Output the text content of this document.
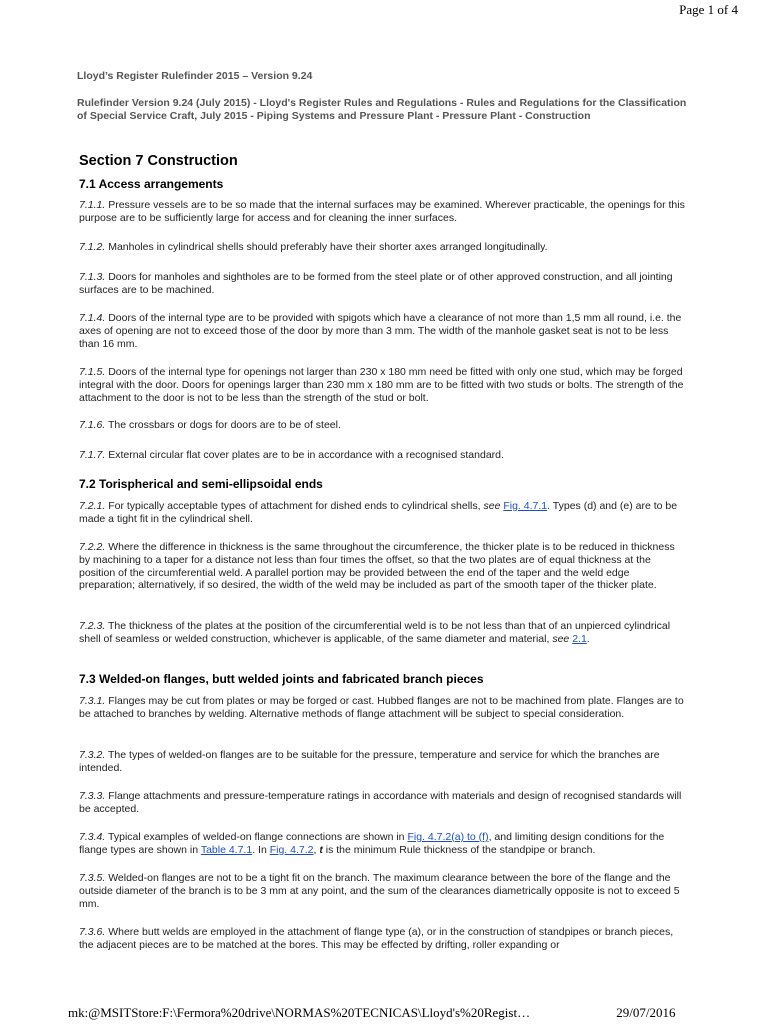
Page 1 of 4
Lloyd’s Register Rulefinder 2015 – Version 9.24
Rulefinder Version 9.24 (July 2015) - Lloyd's Register Rules and Regulations - Rules and Regulations for the Classification of Special Service Craft, July 2015 - Piping Systems and Pressure Plant - Pressure Plant - Construction
Section 7 Construction
7.1 Access arrangements
7.1.1. Pressure vessels are to be so made that the internal surfaces may be examined. Wherever practicable, the openings for this purpose are to be sufficiently large for access and for cleaning the inner surfaces.
7.1.2. Manholes in cylindrical shells should preferably have their shorter axes arranged longitudinally.
7.1.3. Doors for manholes and sightholes are to be formed from the steel plate or of other approved construction, and all jointing surfaces are to be machined.
7.1.4. Doors of the internal type are to be provided with spigots which have a clearance of not more than 1,5 mm all round, i.e. the axes of opening are not to exceed those of the door by more than 3 mm. The width of the manhole gasket seat is not to be less than 16 mm.
7.1.5. Doors of the internal type for openings not larger than 230 x 180 mm need be fitted with only one stud, which may be forged integral with the door. Doors for openings larger than 230 mm x 180 mm are to be fitted with two studs or bolts. The strength of the attachment to the door is not to be less than the strength of the stud or bolt.
7.1.6. The crossbars or dogs for doors are to be of steel.
7.1.7. External circular flat cover plates are to be in accordance with a recognised standard.
7.2 Torispherical and semi-ellipsoidal ends
7.2.1. For typically acceptable types of attachment for dished ends to cylindrical shells, see Fig. 4.7.1. Types (d) and (e) are to be made a tight fit in the cylindrical shell.
7.2.2. Where the difference in thickness is the same throughout the circumference, the thicker plate is to be reduced in thickness by machining to a taper for a distance not less than four times the offset, so that the two plates are of equal thickness at the position of the circumferential weld. A parallel portion may be provided between the end of the taper and the weld edge preparation; alternatively, if so desired, the width of the weld may be included as part of the smooth taper of the thicker plate.
7.2.3. The thickness of the plates at the position of the circumferential weld is to be not less than that of an unpierced cylindrical shell of seamless or welded construction, whichever is applicable, of the same diameter and material, see 2.1.
7.3 Welded-on flanges, butt welded joints and fabricated branch pieces
7.3.1. Flanges may be cut from plates or may be forged or cast. Hubbed flanges are not to be machined from plate. Flanges are to be attached to branches by welding. Alternative methods of flange attachment will be subject to special consideration.
7.3.2. The types of welded-on flanges are to be suitable for the pressure, temperature and service for which the branches are intended.
7.3.3. Flange attachments and pressure-temperature ratings in accordance with materials and design of recognised standards will be accepted.
7.3.4. Typical examples of welded-on flange connections are shown in Fig. 4.7.2(a) to (f), and limiting design conditions for the flange types are shown in Table 4.7.1. In Fig. 4.7.2, t is the minimum Rule thickness of the standpipe or branch.
7.3.5. Welded-on flanges are not to be a tight fit on the branch. The maximum clearance between the bore of the flange and the outside diameter of the branch is to be 3 mm at any point, and the sum of the clearances diametrically opposite is not to exceed 5 mm.
7.3.6. Where butt welds are employed in the attachment of flange type (a), or in the construction of standpipes or branch pieces, the adjacent pieces are to be matched at the bores. This may be effected by drifting, roller expanding or
mk:@MSITStore:F:\Fermora%20drive\NORMAS%20TECNICAS\Lloyd's%20Regist…	29/07/2016
